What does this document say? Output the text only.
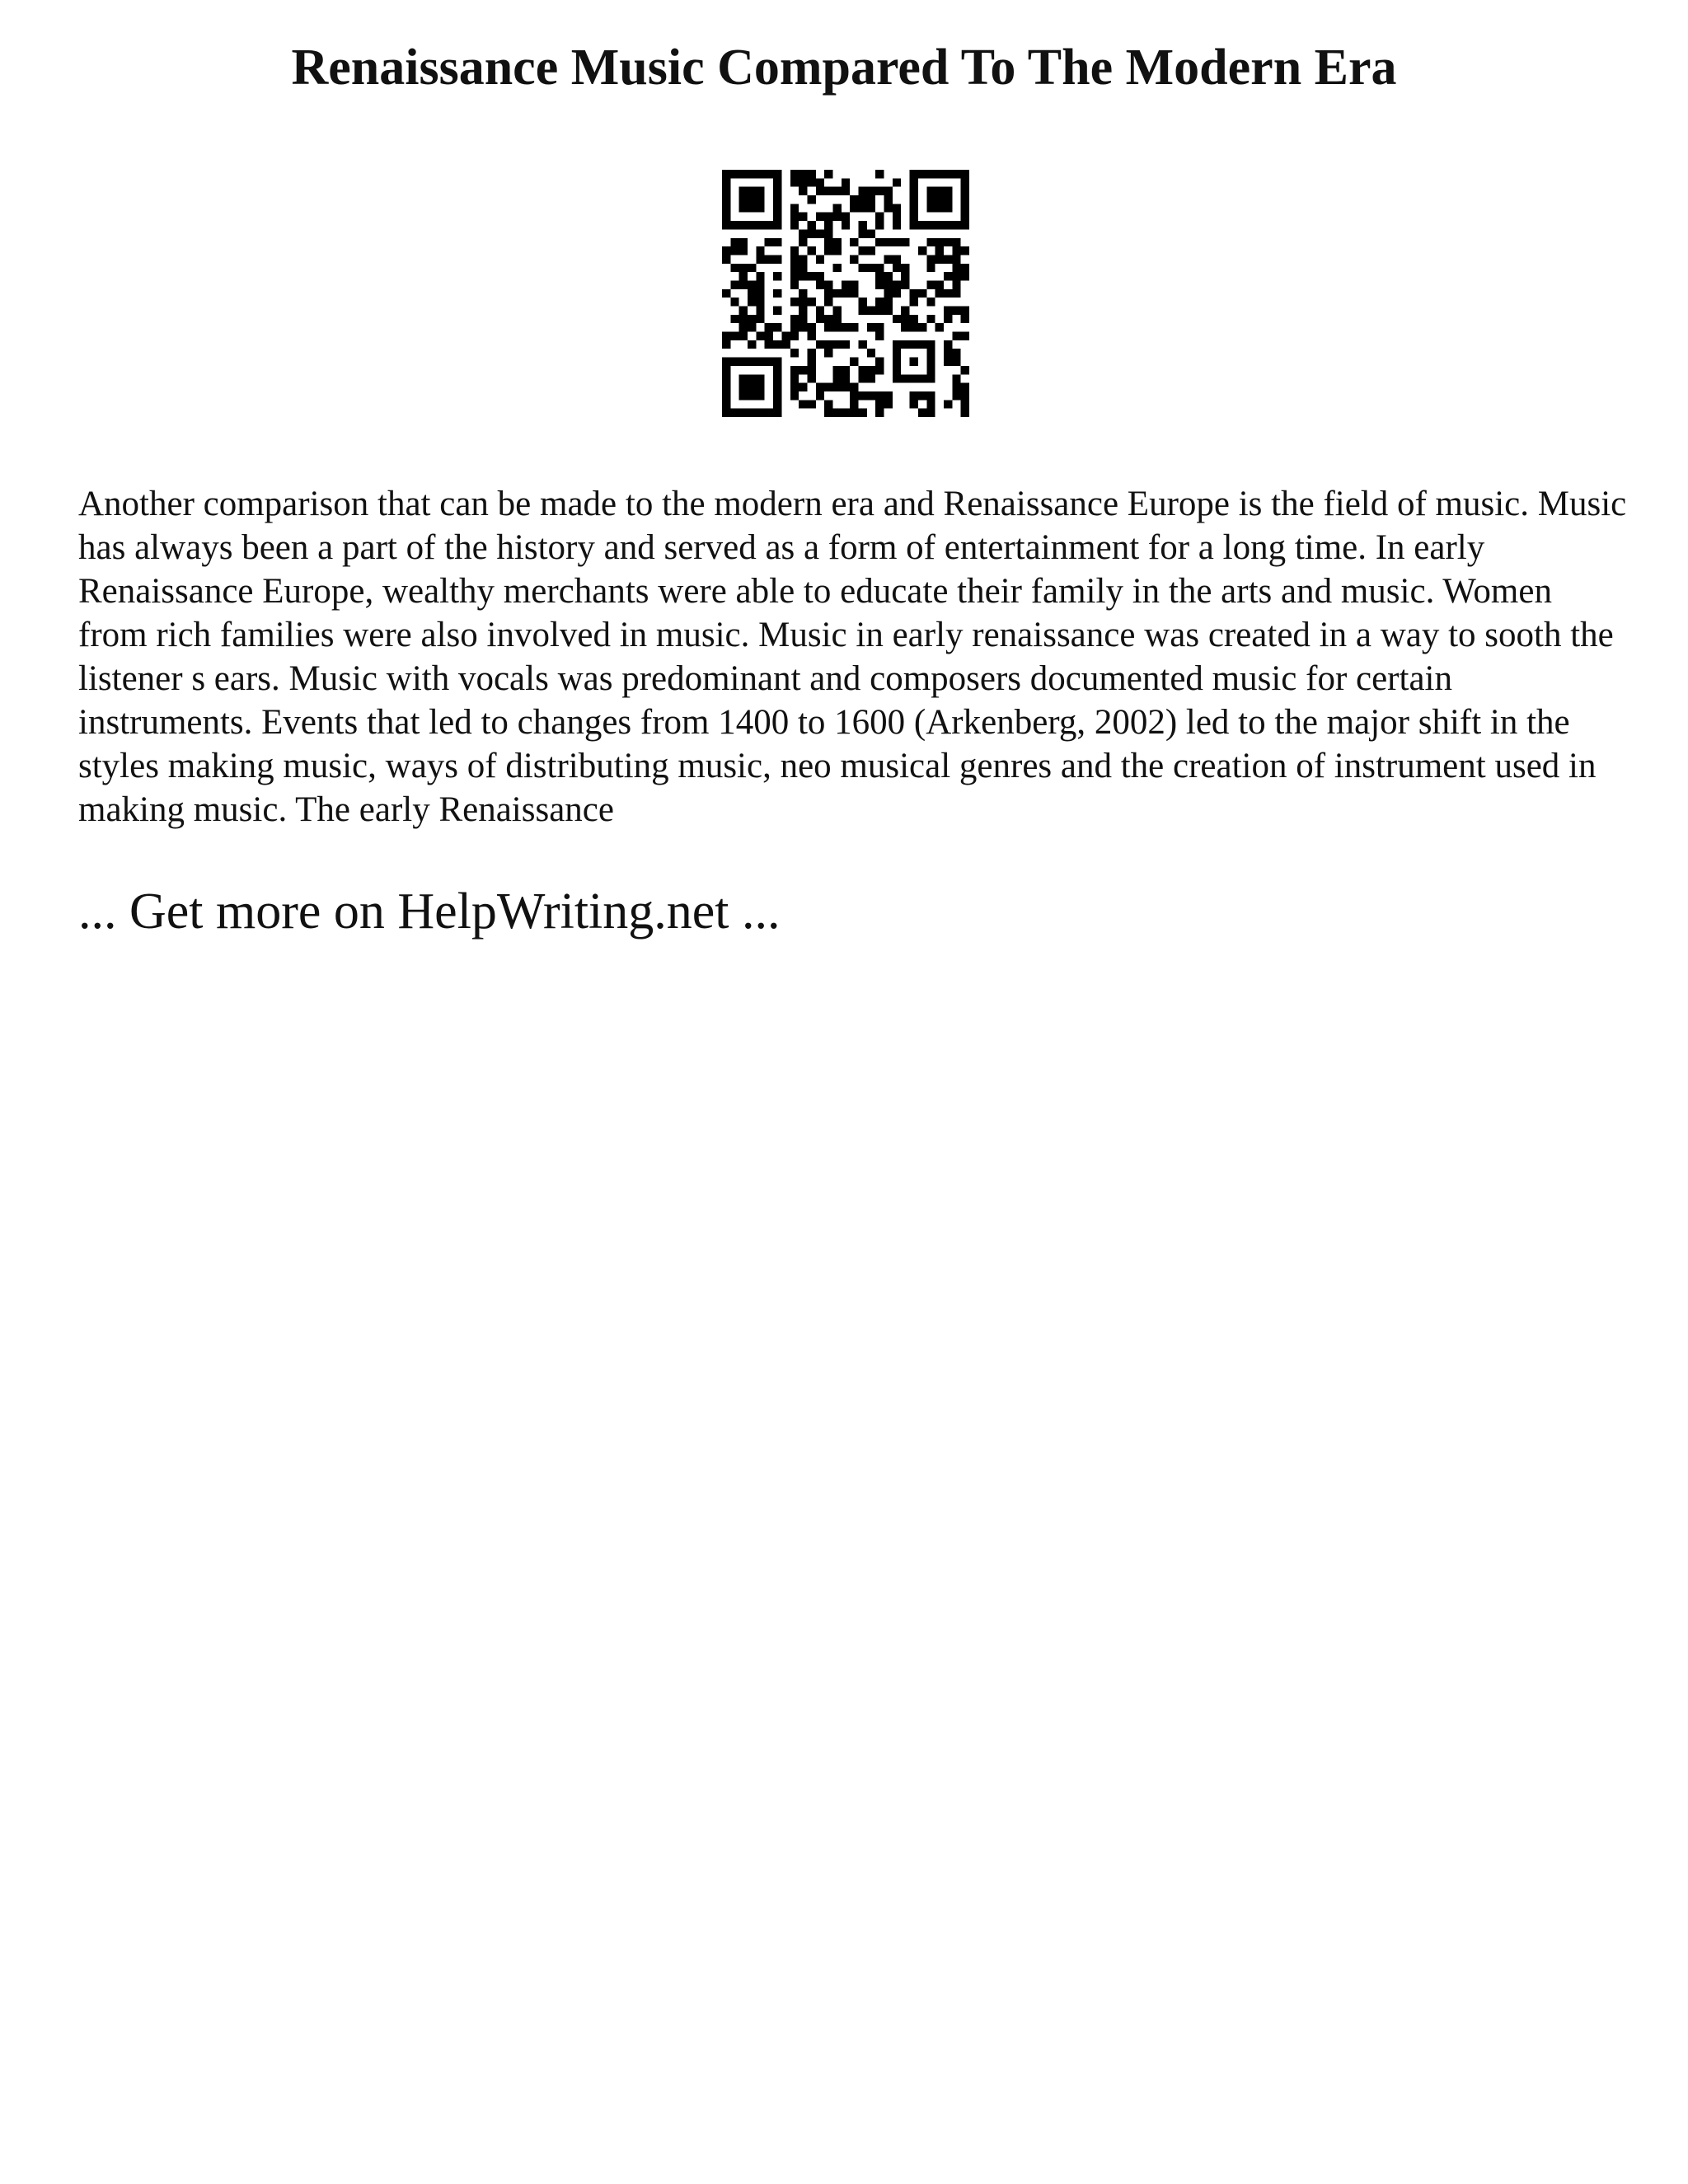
Renaissance Music Compared To The Modern Era

Another comparison that can be made to the modern era and Renaissance Europe is the field of music. Music has always been a part of the history and served as a form of entertainment for a long time. In early Renaissance Europe, wealthy merchants were able to educate their family in the arts and music. Women from rich families were also involved in music. Music in early renaissance was created in a way to sooth the listener s ears. Music with vocals was predominant and composers documented music for certain instruments. Events that led to changes from 1400 to 1600 (Arkenberg, 2002) led to the major shift in the styles making music, ways of distributing music, neo musical genres and the creation of instrument used in making music. The early Renaissance

... Get more on HelpWriting.net ...
